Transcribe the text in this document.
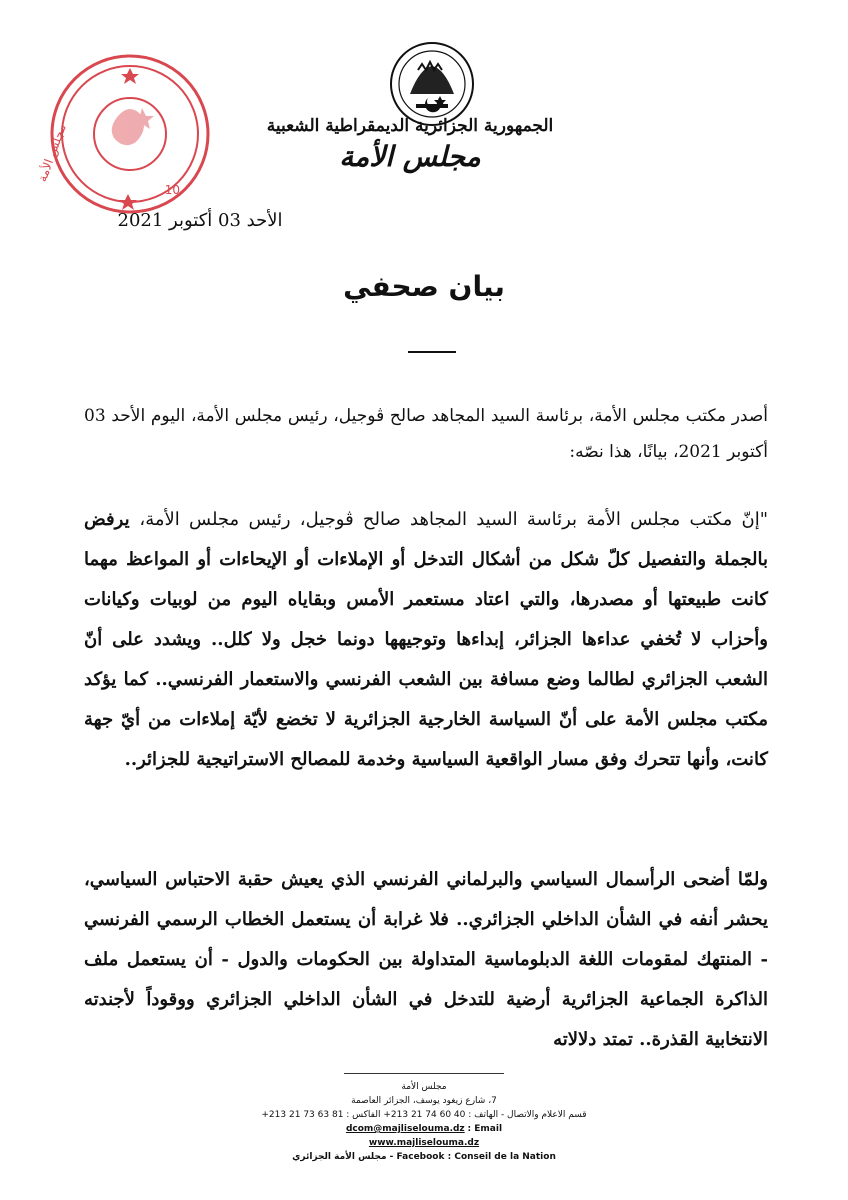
مجلس الأمة
10
الجمهورية الجزائرية الديمقراطية الشعبية
مجلس الأمة
الأحد 03 أكتوبر 2021
بيان صحفي

أصدر مكتب مجلس الأمة، برئاسة السيد المجاهد صالح ڤوجيل، رئيس مجلس الأمة، اليوم الأحد 03 أكتوبر 2021، بيانًا، هذا نصّه:

"إنّ مكتب مجلس الأمة برئاسة السيد المجاهد صالح ڤوجيل، رئيس مجلس الأمة، يرفض بالجملة والتفصيل كلّ شكل من أشكال التدخل أو الإملاءات أو الإيحاءات أو المواعظ مهما كانت طبيعتها أو مصدرها، والتي اعتاد مستعمر الأمس وبقاياه اليوم من لوبيات وكيانات وأحزاب لا تُخفي عداءها الجزائر، إبداءها وتوجيهها دونما خجل ولا كلل.. ويشدد على أنّ الشعب الجزائري لطالما وضع مسافة بين الشعب الفرنسي والاستعمار الفرنسي.. كما يؤكد مكتب مجلس الأمة على أنّ السياسة الخارجية الجزائرية لا تخضع لأيّة إملاءات من أيّ جهة كانت، وأنها تتحرك وفق مسار الواقعية السياسية وخدمة للمصالح الاستراتيجية للجزائر..

ولمّا أضحى الرأسمال السياسي والبرلماني الفرنسي الذي يعيش حقبة الاحتباس السياسي، يحشر أنفه في الشأن الداخلي الجزائري.. فلا غرابة أن يستعمل الخطاب الرسمي الفرنسي - المنتهك لمقومات اللغة الدبلوماسية المتداولة بين الحكومات والدول - أن يستعمل ملف الذاكرة الجماعية الجزائرية أرضية للتدخل في الشأن الداخلي الجزائري ووقوداً لأجندته الانتخابية القذرة.. تمتد دلالاته

مجلس الأمة
7، شارع زيغود يوسف، الجزائر العاصمة
قسم الاعلام والاتصال - الهاتف : 40 60 74 21 213+ الفاكس : 81 63 73 21 213+
Email : dcom@majliselouma.dz
www.majliselouma.dz
Facebook : Conseil de la Nation - مجلس الأمة الجزائري
